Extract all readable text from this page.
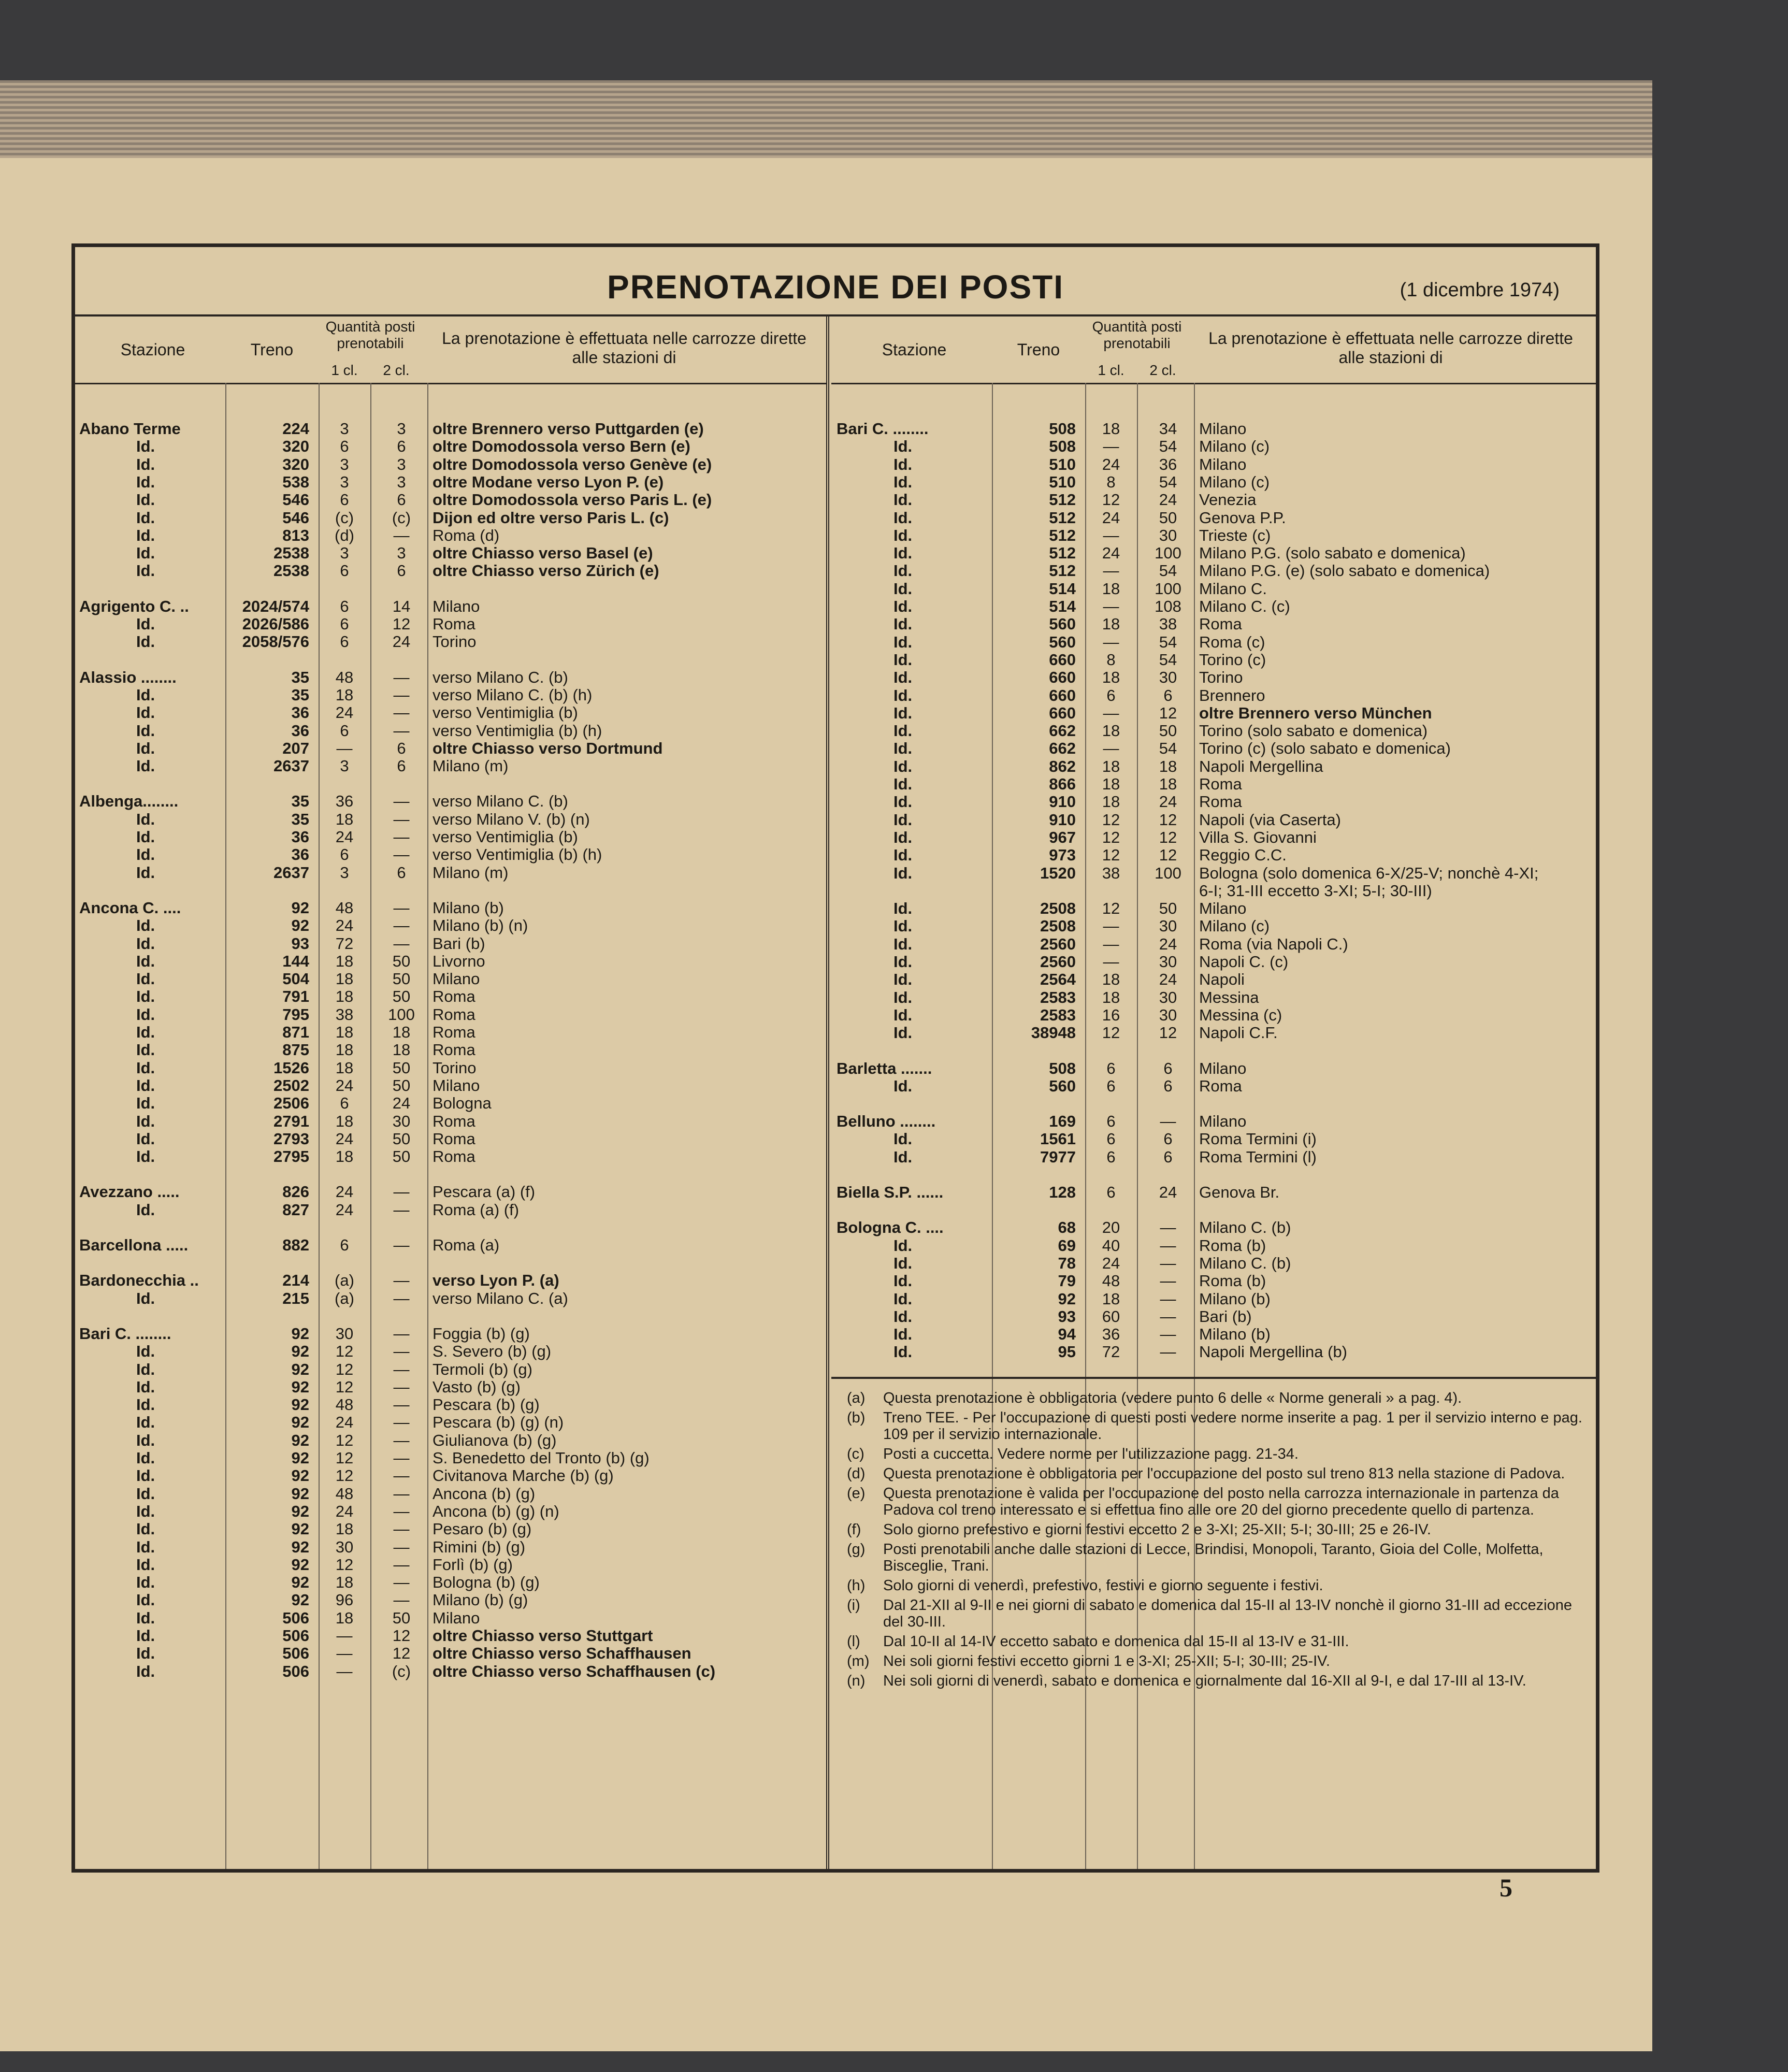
PRENOTAZIONE DEI POSTI	(1 dicembre 1974)
Stazione	Treno
Quantità posti prenotabili
1 cl.	2 cl.
La prenotazione è effettuata nelle carrozze dirette alle stazioni di
Abano Terme	224	3	3	oltre Brennero verso Puttgarden (e)
Id.	320	6	6	oltre Domodossola verso Bern (e)
Id.	320	3	3	oltre Domodossola verso Genève (e)
Id.	538	3	3	oltre Modane verso Lyon P. (e)
Id.	546	6	6	oltre Domodossola verso Paris L. (e)
Id.	546	(c)	(c)	Dijon ed oltre verso Paris L. (c)
Id.	813	(d)	—	Roma (d)
Id.	2538	3	3	oltre Chiasso verso Basel (e)
Id.	2538	6	6	oltre Chiasso verso Zürich (e)
Agrigento C. ..	2024/574	6	14	Milano
Id.	2026/586	6	12	Roma
Id.	2058/576	6	24	Torino
Alassio ........	35	48	—	verso Milano C. (b)
Id.	35	18	—	verso Milano C. (b) (h)
Id.	36	24	—	verso Ventimiglia (b)
Id.	36	6	—	verso Ventimiglia (b) (h)
Id.	207	—	6	oltre Chiasso verso Dortmund
Id.	2637	3	6	Milano (m)
Albenga........	35	36	—	verso Milano C. (b)
Id.	35	18	—	verso Milano V. (b) (n)
Id.	36	24	—	verso Ventimiglia (b)
Id.	36	6	—	verso Ventimiglia (b) (h)
Id.	2637	3	6	Milano (m)
Ancona C. ....	92	48	—	Milano (b)
Id.	92	24	—	Milano (b) (n)
Id.	93	72	—	Bari (b)
Id.	144	18	50	Livorno
Id.	504	18	50	Milano
Id.	791	18	50	Roma
Id.	795	38	100	Roma
Id.	871	18	18	Roma
Id.	875	18	18	Roma
Id.	1526	18	50	Torino
Id.	2502	24	50	Milano
Id.	2506	6	24	Bologna
Id.	2791	18	30	Roma
Id.	2793	24	50	Roma
Id.	2795	18	50	Roma
Avezzano .....	826	24	—	Pescara (a) (f)
Id.	827	24	—	Roma (a) (f)
Barcellona .....	882	6	—	Roma (a)
Bardonecchia ..	214	(a)	—	verso Lyon P. (a)
Id.	215	(a)	—	verso Milano C. (a)
Bari C. ........	92	30	—	Foggia (b) (g)
Id.	92	12	—	S. Severo (b) (g)
Id.	92	12	—	Termoli (b) (g)
Id.	92	12	—	Vasto (b) (g)
Id.	92	48	—	Pescara (b) (g)
Id.	92	24	—	Pescara (b) (g) (n)
Id.	92	12	—	Giulianova (b) (g)
Id.	92	12	—	S. Benedetto del Tronto (b) (g)
Id.	92	12	—	Civitanova Marche (b) (g)
Id.	92	48	—	Ancona (b) (g)
Id.	92	24	—	Ancona (b) (g) (n)
Id.	92	18	—	Pesaro (b) (g)
Id.	92	30	—	Rimini (b) (g)
Id.	92	12	—	Forlì (b) (g)
Id.	92	18	—	Bologna (b) (g)
Id.	92	96	—	Milano (b) (g)
Id.	506	18	50	Milano
Id.	506	—	12	oltre Chiasso verso Stuttgart
Id.	506	—	12	oltre Chiasso verso Schaffhausen
Id.	506	—	(c)	oltre Chiasso verso Schaffhausen (c)
Stazione	Treno
Quantità posti prenotabili
1 cl.	2 cl.
La prenotazione è effettuata nelle carrozze dirette alle stazioni di
Bari C. ........	508	18	34	Milano
Id.	508	—	54	Milano (c)
Id.	510	24	36	Milano
Id.	510	8	54	Milano (c)
Id.	512	12	24	Venezia
Id.	512	24	50	Genova P.P.
Id.	512	—	30	Trieste (c)
Id.	512	24	100	Milano P.G. (solo sabato e domenica)
Id.	512	—	54	Milano P.G. (e) (solo sabato e domenica)
Id.	514	18	100	Milano C.
Id.	514	—	108	Milano C. (c)
Id.	560	18	38	Roma
Id.	560	—	54	Roma (c)
Id.	660	8	54	Torino (c)
Id.	660	18	30	Torino
Id.	660	6	6	Brennero
Id.	660	—	12	oltre Brennero verso München
Id.	662	18	50	Torino (solo sabato e domenica)
Id.	662	—	54	Torino (c) (solo sabato e domenica)
Id.	862	18	18	Napoli Mergellina
Id.	866	18	18	Roma
Id.	910	18	24	Roma
Id.	910	12	12	Napoli (via Caserta)
Id.	967	12	12	Villa S. Giovanni
Id.	973	12	12	Reggio C.C.
Id.	1520	38	100	Bologna (solo domenica 6-X/25-V; nonchè 4-XI;
6-I; 31-III eccetto 3-XI; 5-I; 30-III)
Id.	2508	12	50	Milano
Id.	2508	—	30	Milano (c)
Id.	2560	—	24	Roma (via Napoli C.)
Id.	2560	—	30	Napoli C. (c)
Id.	2564	18	24	Napoli
Id.	2583	18	30	Messina
Id.	2583	16	30	Messina (c)
Id.	38948	12	12	Napoli C.F.
Barletta .......	508	6	6	Milano
Id.	560	6	6	Roma
Belluno ........	169	6	—	Milano
Id.	1561	6	6	Roma Termini (i)
Id.	7977	6	6	Roma Termini (l)
Biella S.P. ......	128	6	24	Genova Br.
Bologna C. ....	68	20	—	Milano C. (b)
Id.	69	40	—	Roma (b)
Id.	78	24	—	Milano C. (b)
Id.	79	48	—	Roma (b)
Id.	92	18	—	Milano (b)
Id.	93	60	—	Bari (b)
Id.	94	36	—	Milano (b)
Id.	95	72	—	Napoli Mergellina (b)
(a) Questa prenotazione è obbligatoria (vedere punto 6 delle « Norme generali » a pag. 4).
(b) Treno TEE. - Per l'occupazione di questi posti vedere norme inserite a pag. 1 per il servizio interno e pag. 109 per il servizio internazionale.
(c) Posti a cuccetta. Vedere norme per l'utilizzazione pagg. 21-34.
(d) Questa prenotazione è obbligatoria per l'occupazione del posto sul treno 813 nella stazione di Padova.
(e) Questa prenotazione è valida per l'occupazione del posto nella carrozza internazionale in partenza da Padova col treno interessato e si effettua fino alle ore 20 del giorno precedente quello di partenza.
(f) Solo giorno prefestivo e giorni festivi eccetto 2 e 3-XI; 25-XII; 5-I; 30-III; 25 e 26-IV.
(g) Posti prenotabili anche dalle stazioni di Lecce, Brindisi, Monopoli, Taranto, Gioia del Colle, Molfetta, Bisceglie, Trani.
(h) Solo giorni di venerdì, prefestivo, festivi e giorno seguente i festivi.
(i) Dal 21-XII al 9-II e nei giorni di sabato e domenica dal 15-II al 13-IV nonchè il giorno 31-III ad eccezione del 30-III.
(l) Dal 10-II al 14-IV eccetto sabato e domenica dal 15-II al 13-IV e 31-III.
(m) Nei soli giorni festivi eccetto giorni 1 e 3-XI; 25-XII; 5-I; 30-III; 25-IV.
(n) Nei soli giorni di venerdì, sabato e domenica e giornalmente dal 16-XII al 9-I, e dal 17-III al 13-IV.
5
